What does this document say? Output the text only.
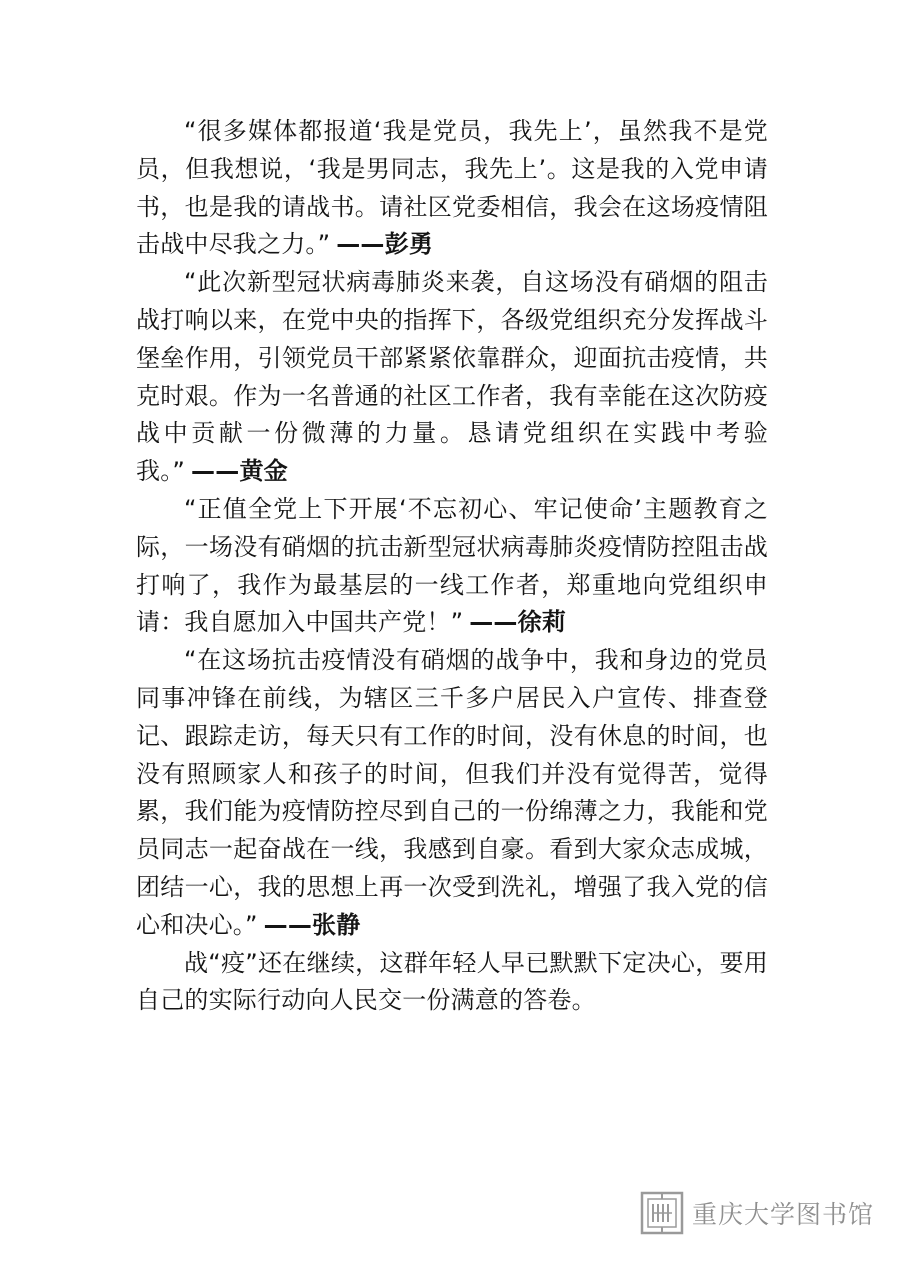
“很多媒体都报道‘我是党员，我先上’，虽然我不是党员，但我想说，‘我是男同志，我先上’。这是我的入党申请书，也是我的请战书。请社区党委相信，我会在这场疫情阻击战中尽我之力。” ——彭勇

“此次新型冠状病毒肺炎来袭，自这场没有硝烟的阻击战打响以来，在党中央的指挥下，各级党组织充分发挥战斗堡垒作用，引领党员干部紧紧依靠群众，迎面抗击疫情，共克时艰。作为一名普通的社区工作者，我有幸能在这次防疫战中贡献一份微薄的力量。恳请党组织在实践中考验我。” ——黄金

“正值全党上下开展‘不忘初心、牢记使命’主题教育之际，一场没有硝烟的抗击新型冠状病毒肺炎疫情防控阻击战打响了，我作为最基层的一线工作者，郑重地向党组织申请：我自愿加入中国共产党！” ——徐莉

“在这场抗击疫情没有硝烟的战争中，我和身边的党员同事冲锋在前线，为辖区三千多户居民入户宣传、排查登记、跟踪走访，每天只有工作的时间，没有休息的时间，也没有照顾家人和孩子的时间，但我们并没有觉得苦，觉得累，我们能为疫情防控尽到自己的一份绵薄之力，我能和党员同志一起奋战在一线，我感到自豪。看到大家众志成城，团结一心，我的思想上再一次受到洗礼，增强了我入党的信心和决心。” ——张静

战“疫”还在继续，这群年轻人早已默默下定决心，要用自己的实际行动向人民交一份满意的答卷。

重庆大学图书馆
